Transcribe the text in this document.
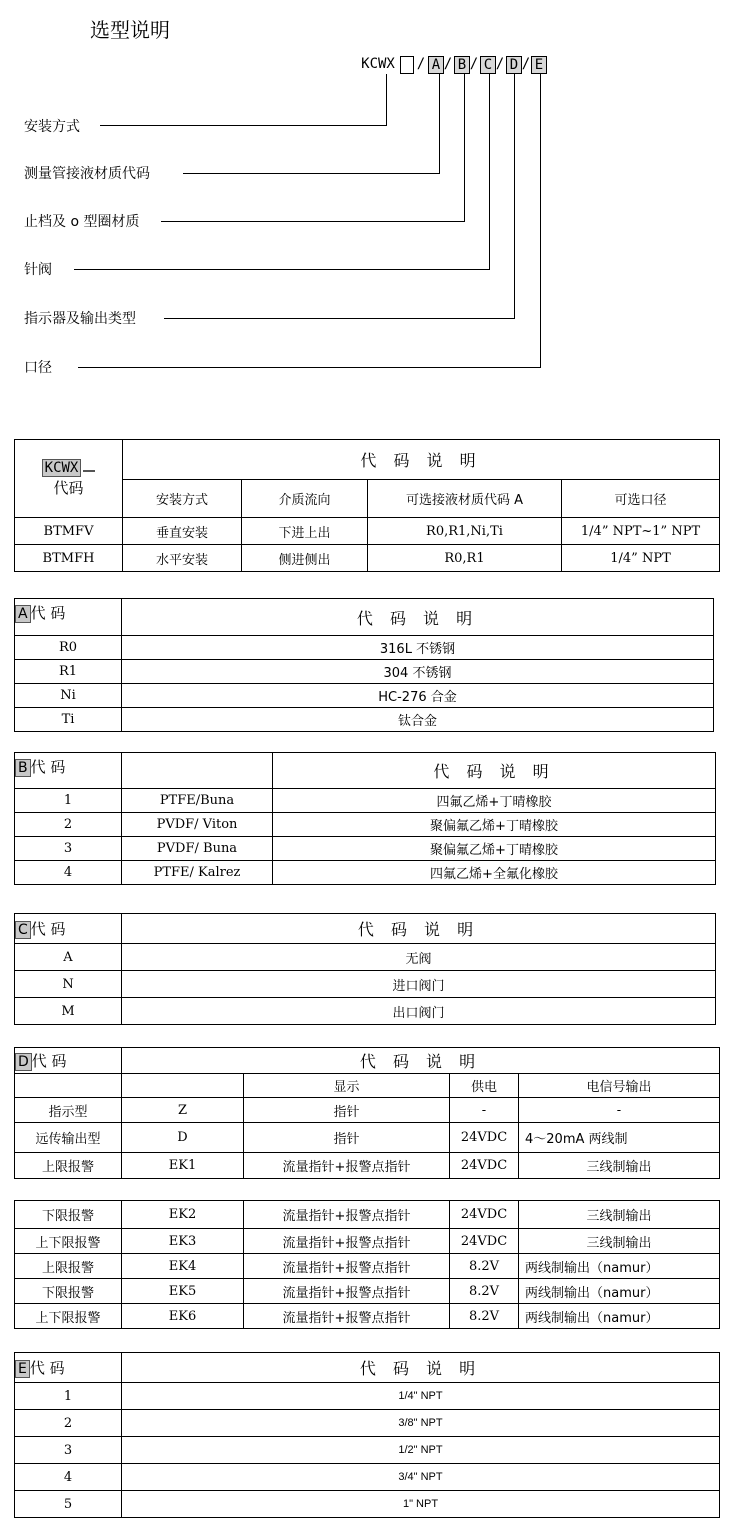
选型说明
KCWX / A / B / C / D / E
安装方式
测量管接液材质代码
止档及 o 型圈材质
针阀
指示器及输出类型
口径
KCWX
代码	代 码 说 明			
	安装方式	介质流向	可选接液材质代码 A	可选口径
BTMFV	垂直安装	下进上出	R0,R1,Ni,Ti	1/4” NPT~1” NPT
BTMFH	水平安装	侧进侧出	R0,R1	1/4” NPT
A 代 码	代 码 说 明
R0	316L 不锈钢
R1	304 不锈钢
Ni	HC-276 合金
Ti	钛合金
B 代 码		代 码 说 明
1	PTFE/Buna	四氟乙烯+丁晴橡胶
2	PVDF/ Viton	聚偏氟乙烯+丁晴橡胶
3	PVDF/ Buna	聚偏氟乙烯+丁晴橡胶
4	PTFE/ Kalrez	四氟乙烯+全氟化橡胶
C 代 码	代 码 说 明
A	无阀
N	进口阀门
M	出口阀门
D 代 码	代 码 说 明			
		显示	供电	电信号输出
指示型	Z	指针	-	-
远传输出型	D	指针	24VDC	4～20mA 两线制
上限报警	EK1	流量指针+报警点指针	24VDC	三线制输出
下限报警	EK2	流量指针+报警点指针	24VDC	三线制输出
上下限报警	EK3	流量指针+报警点指针	24VDC	三线制输出
上限报警	EK4	流量指针+报警点指针	8.2V	两线制输出（namur）
下限报警	EK5	流量指针+报警点指针	8.2V	两线制输出（namur）
上下限报警	EK6	流量指针+报警点指针	8.2V	两线制输出（namur）
E 代 码	代 码 说 明
1	1/4" NPT
2	3/8" NPT
3	1/2" NPT
4	3/4" NPT
5	1" NPT
